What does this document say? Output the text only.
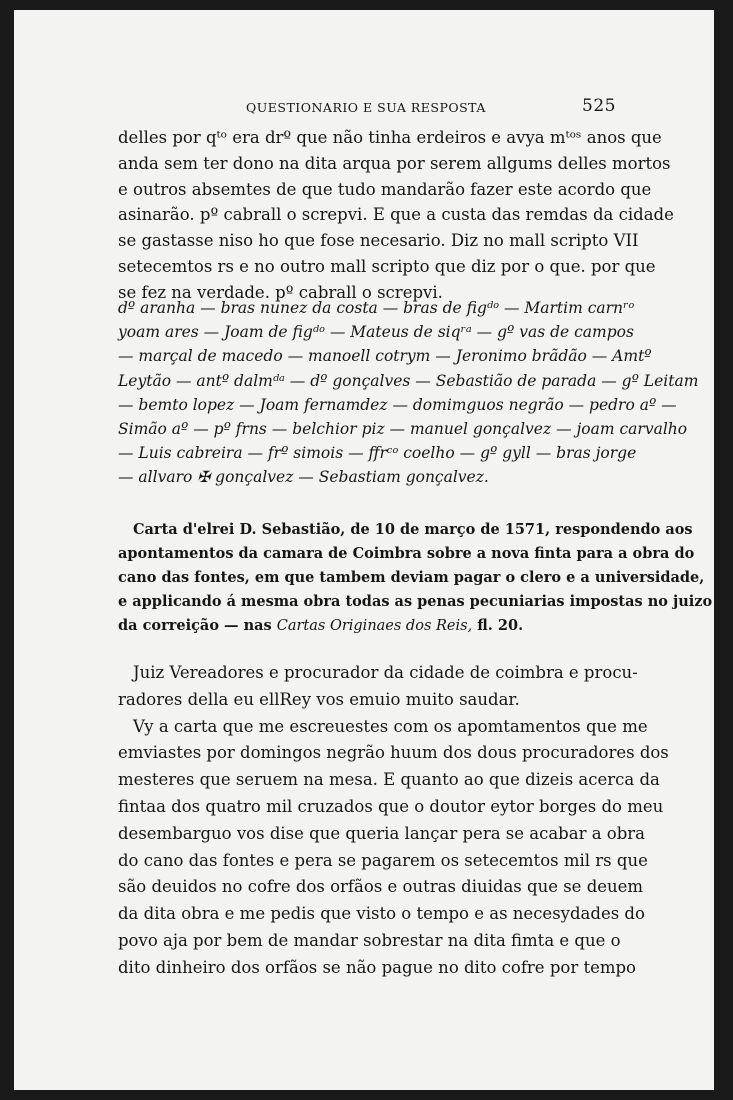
QUESTIONARIO E SUA RESPOSTA	525
delles por qᵗᵒ era drº que não tinha erdeiros e avya mᵗᵒˢ anos que
anda sem ter dono na dita arqua por serem allgums delles mortos
e outros absemtes de que tudo mandarão fazer este acordo que
asinarão. pº cabrall o screpvi. E que a custa das remdas da cidade
se gastasse niso ho que fose necesario. Diz no mall scripto VII
setecemtos rs e no outro mall scripto que diz por o que. por que
se fez na verdade. pº cabrall o screpvi.
dº aranha — bras nunez da costa — bras de figᵈᵒ — Martim carnʳᵒ
yoam ares — Joam de figᵈᵒ — Mateus de siqʳᵃ — gº vas de campos
— marçal de macedo — manoell cotrym — Jeronimo brãdão — Amtº
Leytão — antº dalmᵈᵃ — dº gonçalves — Sebastião de parada — gº Leitam
— bemto lopez — Joam fernamdez — domimguos negrão — pedro aº —
Simão aº — pº frns — belchior piz — manuel gonçalvez — joam carvalho
— Luis cabreira — frº simois — ffrᶜᵒ coelho — gº gyll — bras jorge
— allvaro ✠ gonçalvez — Sebastiam gonçalvez.
Carta d'elrei D. Sebastião, de 10 de março de 1571, respondendo aos
apontamentos da camara de Coimbra sobre a nova finta para a obra do
cano das fontes, em que tambem deviam pagar o clero e a universidade,
e applicando á mesma obra todas as penas pecuniarias impostas no juizo
da correição — nas Cartas Originaes dos Reis, fl. 20.
Juiz Vereadores e procurador da cidade de coimbra e procu-
radores della eu ellRey vos emuio muito saudar.
Vy a carta que me escreuestes com os apomtamentos que me
emviastes por domingos negrão huum dos dous procuradores dos
mesteres que seruem na mesa. E quanto ao que dizeis acerca da
fintaa dos quatro mil cruzados que o doutor eytor borges do meu
desembarguo vos dise que queria lançar pera se acabar a obra
do cano das fontes e pera se pagarem os setecemtos mil rs que
são deuidos no cofre dos orfãos e outras diuidas que se deuem
da dita obra e me pedis que visto o tempo e as necesydades do
povo aja por bem de mandar sobrestar na dita fimta e que o
dito dinheiro dos orfãos se não pague no dito cofre por tempo
